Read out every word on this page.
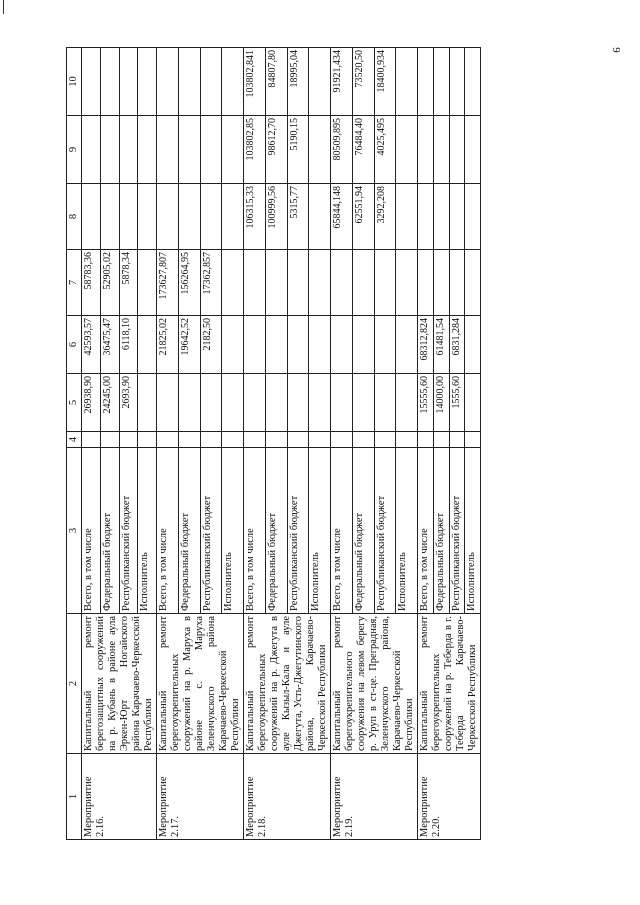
9
1	2	3	4	5	6	7	8	9	10
Мероприятие 2.16.	Капитальный ремонт берегозащитных сооружений на р. Кубань в районе аула Эркен-Юрт Ногайского района Карачаево-Черкесской Республики	Всего, в том числе		26938,90	42593,57	58783,36			
		Федеральный бюджет		24245,00	36475,47	52905,02			
		Республиканский бюджет		2693,90	6118,10	5878,34			
		Исполнитель							
Мероприятие 2.17.	Капитальный ремонт берегоукрепительных сооружений на р. Маруха в районе с. Маруха Зеленчукского района Карачаево-Черкесской Республики	Всего, в том числе			21825,02	173627,807			
		Федеральный бюджет			19642,52	156264,95			
		Республиканский бюджет			2182,50	17362,857			
		Исполнитель							
Мероприятие 2.18.	Капитальный ремонт берегоукрепительных сооружений на р. Джегута в ауле Кызыл-Кала и ауле Джегута, Усть-Джегутинского района, Карачаево-Черкесской Республики	Всего, в том числе					106315,33	103802,85	103802,841
		Федеральный бюджет					100999,56	98612,70	84807,80
		Республиканский бюджет					5315,77	5190,15	18995,04
		Исполнитель							
Мероприятие 2.19.	Капитальный ремонт берегоукрепительного сооружения на левом берегу р. Уруп в ст-це. Преградная, Зеленчукского района, Карачаево-Черкесской Республики	Всего, в том числе					65844,148	80509,895	91921,434
		Федеральный бюджет					62551,94	76484,40	73520,50
		Республиканский бюджет					3292,208	4025,495	18400,934
		Исполнитель							
Мероприятие 2.20.	Капитальный ремонт берегоукрепительных сооружений на р. Теберда в г. Теберда Карачаево-Черкесской Республики	Всего, в том числе		15555,60	68312,824				
		Федеральный бюджет		14000,00	61481,54				
		Республиканский бюджет		1555,60	6831,284				
		Исполнитель							
